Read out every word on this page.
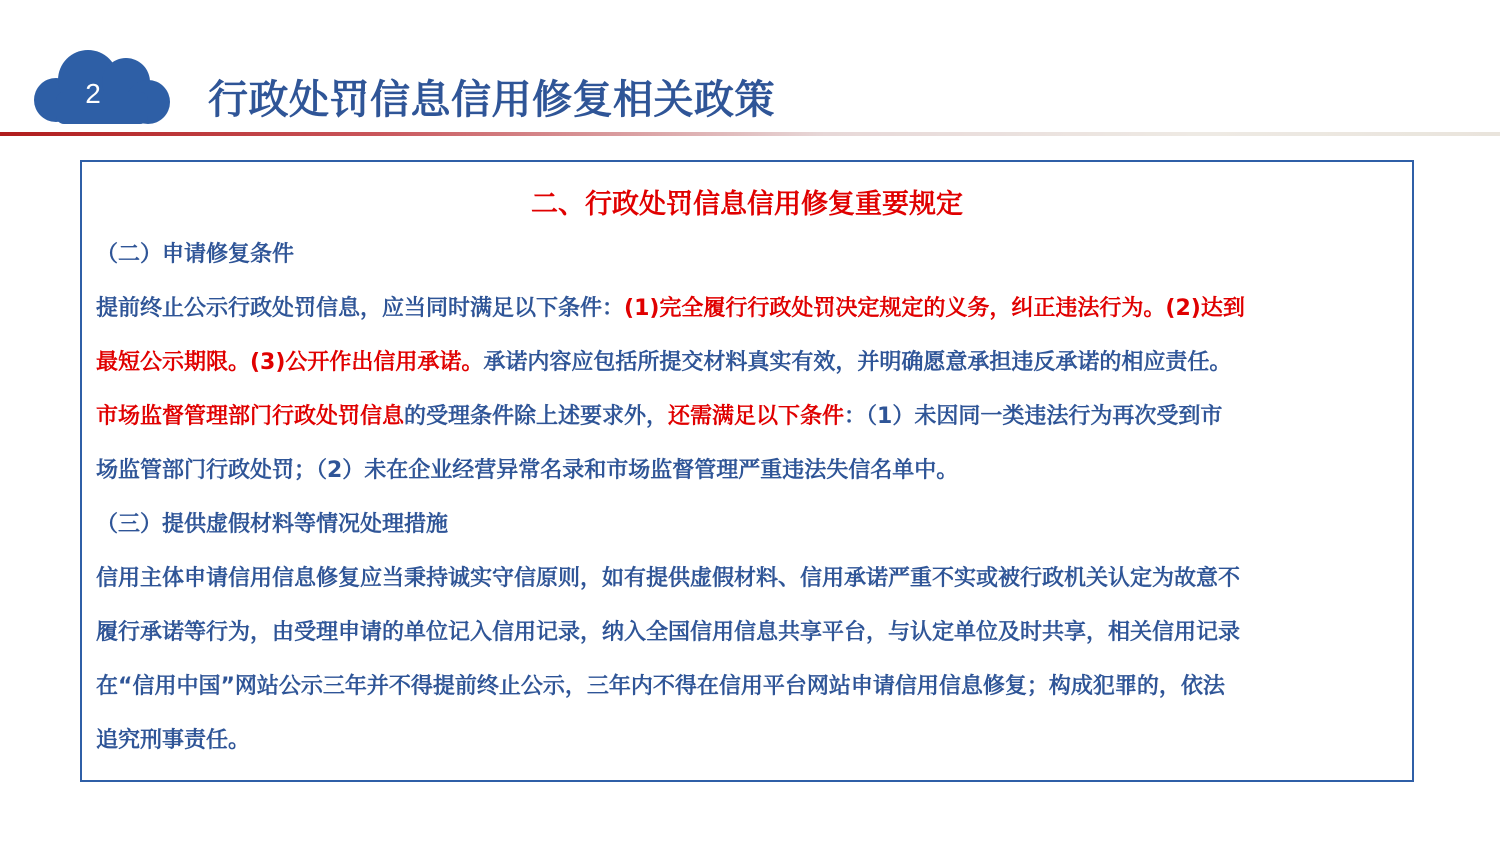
2	行政处罚信息信用修复相关政策
二、行政处罚信息信用修复重要规定
（二）申请修复条件
提前终止公示行政处罚信息，应当同时满足以下条件：(1)完全履行行政处罚决定规定的义务，纠正违法行为。(2)达到
最短公示期限。(3)公开作出信用承诺。承诺内容应包括所提交材料真实有效，并明确愿意承担违反承诺的相应责任。
市场监督管理部门行政处罚信息的受理条件除上述要求外，还需满足以下条件：（1）未因同一类违法行为再次受到市
场监管部门行政处罚；（2）未在企业经营异常名录和市场监督管理严重违法失信名单中。
（三）提供虚假材料等情况处理措施
信用主体申请信用信息修复应当秉持诚实守信原则，如有提供虚假材料、信用承诺严重不实或被行政机关认定为故意不
履行承诺等行为，由受理申请的单位记入信用记录，纳入全国信用信息共享平台，与认定单位及时共享，相关信用记录
在“信用中国”网站公示三年并不得提前终止公示，三年内不得在信用平台网站申请信用信息修复；构成犯罪的，依法
追究刑事责任。
